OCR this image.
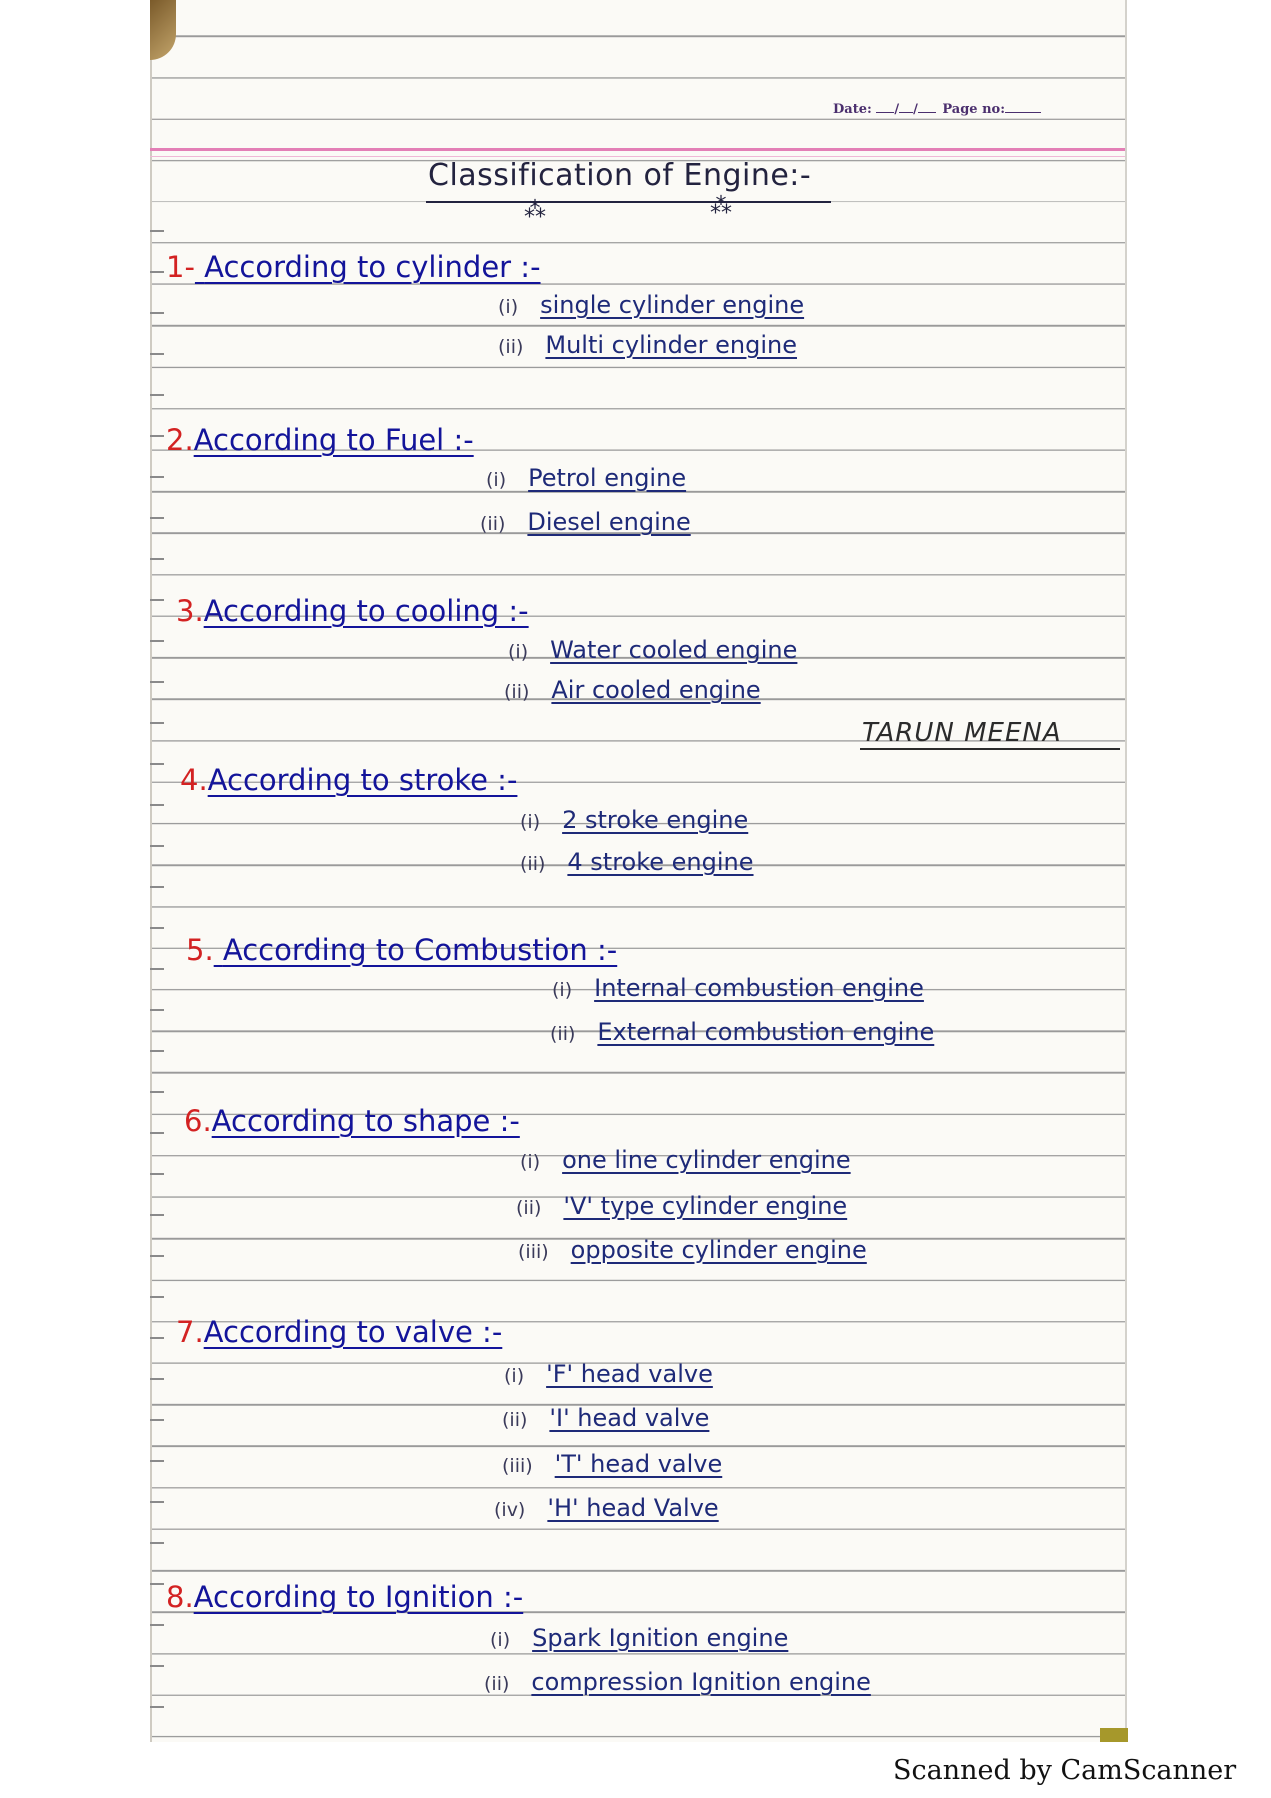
Date: / / Page no:
Classification of Engine:-
⁂	⁂
1- According to cylinder :-
(i) single cylinder engine
(ii) Multi cylinder engine
2.According to Fuel :-
(i) Petrol engine
(ii) Diesel engine
3.According to cooling :-
(i) Water cooled engine
(ii) Air cooled engine
TARUN MEENA
4.According to stroke :-
(i) 2 stroke engine
(ii) 4 stroke engine
5. According to Combustion :-
(i) Internal combustion engine
(ii) External combustion engine
6.According to shape :-
(i) one line cylinder engine
(ii) 'V' type cylinder engine
(iii) opposite cylinder engine
7.According to valve :-
(i) 'F' head valve
(ii) 'I' head valve
(iii) 'T' head valve
(iv) 'H' head Valve
8.According to Ignition :-
(i) Spark Ignition engine
(ii) compression Ignition engine
Scanned by CamScanner
